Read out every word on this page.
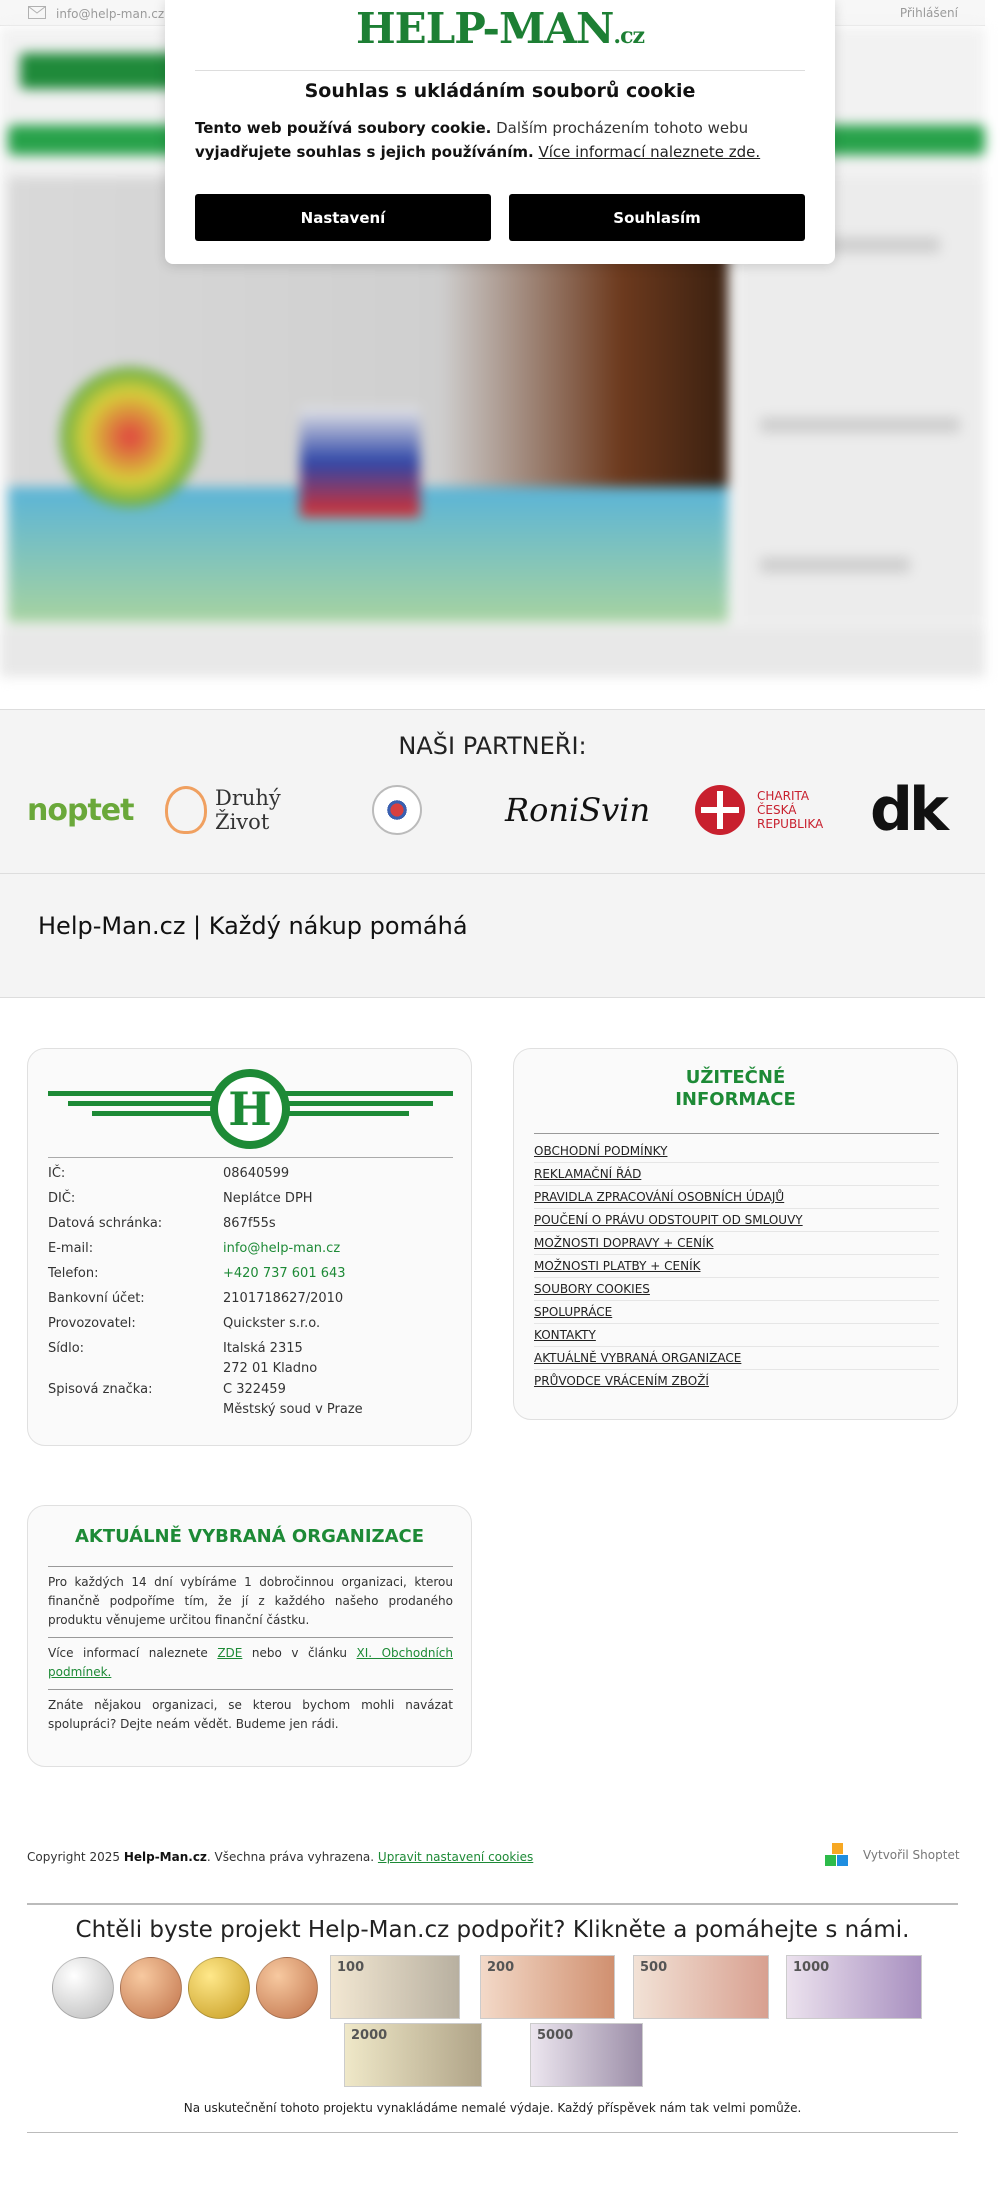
info@help-man.cz	Přihlášení
HELP-MAN.cz
Souhlas s ukládáním souborů cookie

Tento web používá soubory cookie. Dalším procházením tohoto webu vyjadřujete souhlas s jejich používáním. Více informací naleznete zde.

Nastavení	Souhlasím
NAŠI PARTNEŘI:
noptet	Druhý Život	RoniSvin	CHARITA ČESKÁ REPUBLIKA dk
Help-Man.cz | Každý nákup pomáhá
H
IČ:	08640599
DIČ:	Neplátce DPH
Datová schránka:	867f55s
E-mail:	info@help-man.cz
Telefon:	+420 737 601 643
Bankovní účet:	2101718627/2010
Provozovatel:	Quickster s.r.o.
Sídlo:	Italská 2315
272 01 Kladno
Spisová značka:	C 322459
Městský soud v Praze
UŽITEČNÉ
INFORMACE
OBCHODNÍ PODMÍNKY
REKLAMAČNÍ ŘÁD
PRAVIDLA ZPRACOVÁNÍ OSOBNÍCH ÚDAJŮ
POUČENÍ O PRÁVU ODSTOUPIT OD SMLOUVY
MOŽNOSTI DOPRAVY + CENÍK
MOŽNOSTI PLATBY + CENÍK
SOUBORY COOKIES
SPOLUPRÁCE
KONTAKTY
AKTUÁLNĚ VYBRANÁ ORGANIZACE
PRŮVODCE VRÁCENÍM ZBOŽÍ
AKTUÁLNĚ VYBRANÁ ORGANIZACE
Pro každých 14 dní vybíráme 1 dobročinnou organizaci, kterou finančně podpoříme tím, že jí z každého našeho prodaného produktu věnujeme určitou finanční částku.
Více informací naleznete ZDE nebo v článku XI. Obchodních podmínek.
Znáte nějakou organizaci, se kterou bychom mohli navázat spolupráci? Dejte neám vědět. Budeme jen rádi.
Copyright 2025 Help-Man.cz. Všechna práva vyhrazena. Upravit nastavení cookies	Vytvořil Shoptet
Chtěli byste projekt Help-Man.cz podpořit? Klikněte a pomáhejte s námi.
100	200	500	1000
2000	5000
Na uskutečnění tohoto projektu vynakládáme nemalé výdaje. Každý příspěvek nám tak velmi pomůže.
